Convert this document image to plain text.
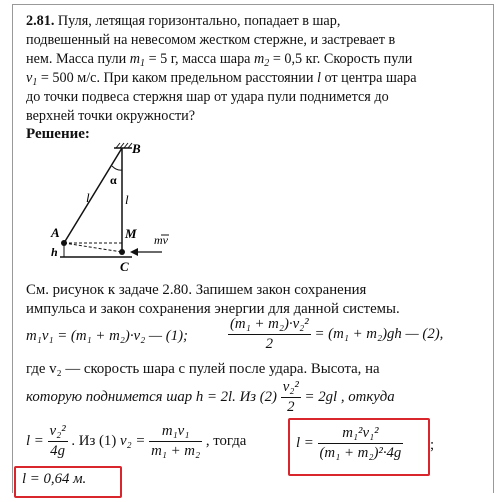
2.81. Пуля, летящая горизонтально, попадает в шар,
подвешенный на невесомом жестком стержне, и застревает в
нем. Масса пули $m_1 = 5$ г, масса шара $m_2 = 0,5$ кг. Скорость пули
$v_1 = 500$ м/с. При каком предельном расстоянии l от центра шара
до точки подвеса стержня шар от удара пули поднимется до
верхней точки окружности?
Решение:
B
α
l	l
A	M
h
C
mv
См. рисунок к задаче 2.80. Запишем закон сохранения
импульса и закон сохранения энергии для данной системы.
m₁v₁ = (m₁ + m₂)·v₂ — (1);	$\frac{\text{(m₁ + m₂)·v₂²}}{2} = (m_1 + m_2)gh$ — (2),
где v₂ — скорость шара с пулей после удара. Высота, на
которую поднимется шар h = 2l. Из $(2) \frac{\text{v₂²}}{2} = 2gl$ , откуда
$l = \frac{\text{v₂²}}{4g}$ . Из (1) $v_2 = \frac{\text{m₁v₁}}{\text{m₁ + m₂}}$ , тогда	$l = \frac{\text{m₁²v₁²}}{\text{(m₁ + m₂)²·4g}}$ ;
l = 0,64 м.
